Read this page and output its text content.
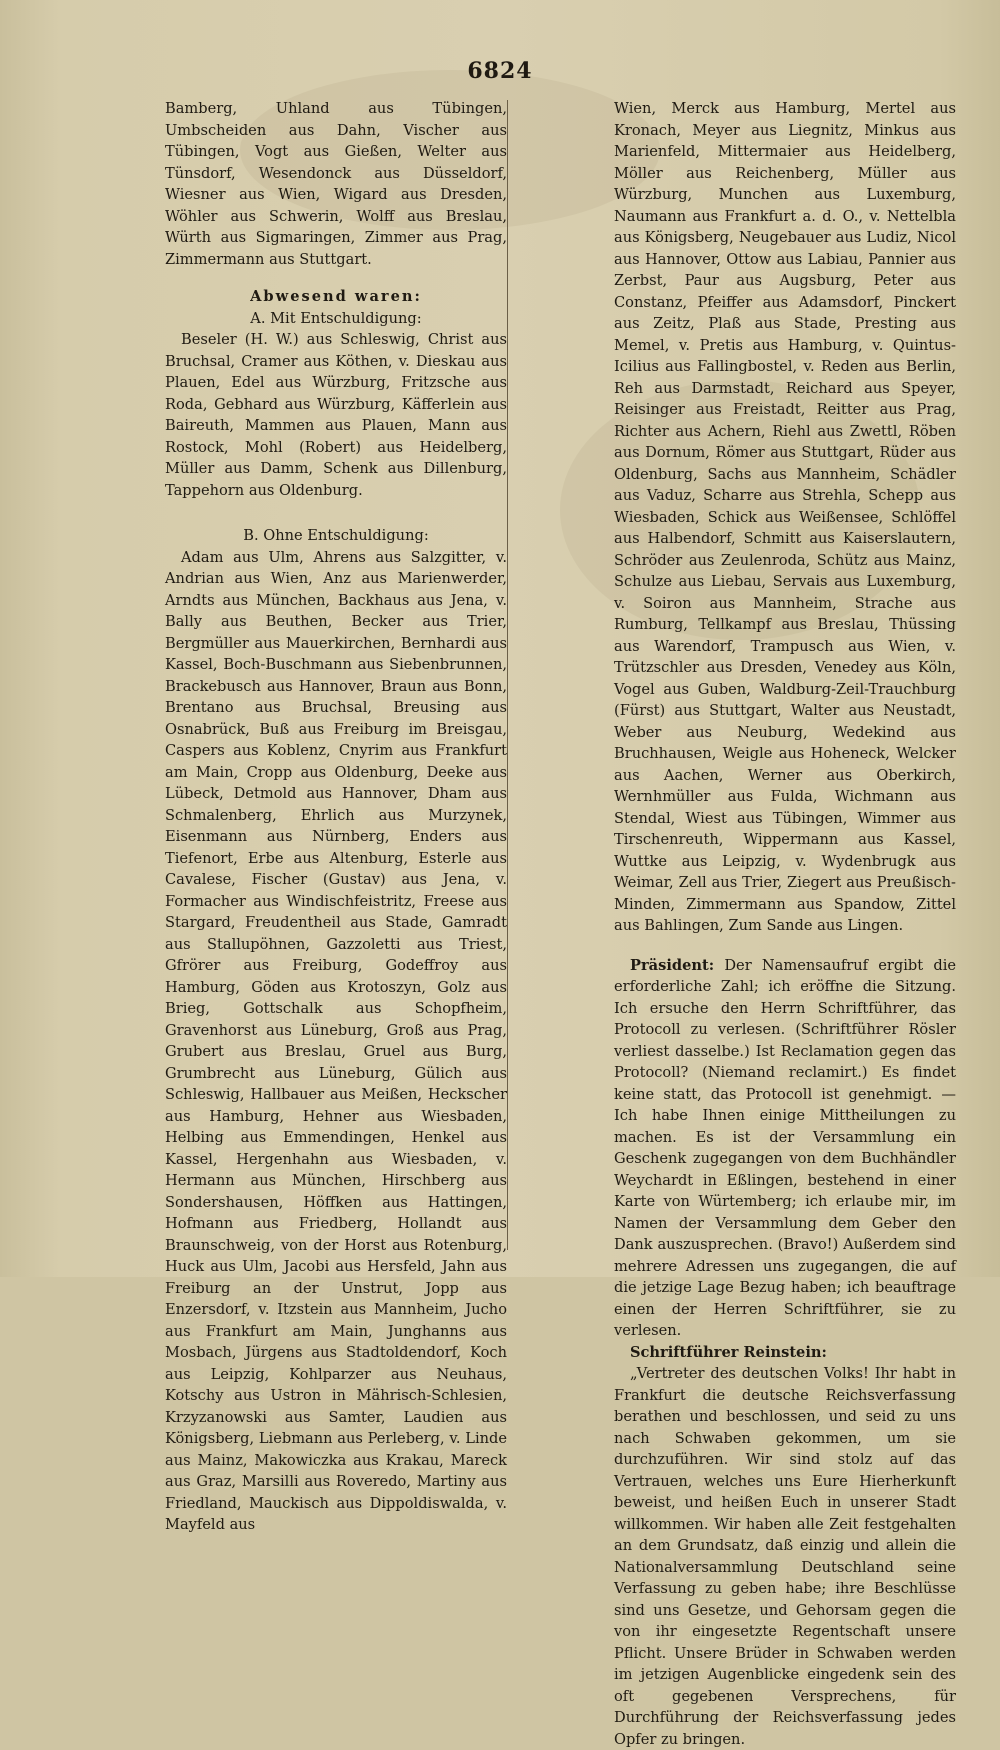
6824

Bamberg, Uhland aus Tübingen, Umbscheiden aus Dahn, Vischer aus Tübingen, Vogt aus Gießen, Welter aus Tünsdorf, Wesendonck aus Düsseldorf, Wiesner aus Wien, Wigard aus Dresden, Wöhler aus Schwerin, Wolff aus Breslau, Würth aus Sigmaringen, Zimmer aus Prag, Zimmermann aus Stuttgart.

Abwesend waren:

A. Mit Entschuldigung:

Beseler (H. W.) aus Schleswig, Christ aus Bruchsal, Cramer aus Köthen, v. Dieskau aus Plauen, Edel aus Würzburg, Fritzsche aus Roda, Gebhard aus Würzburg, Käfferlein aus Baireuth, Mammen aus Plauen, Mann aus Rostock, Mohl (Robert) aus Heidelberg, Müller aus Damm, Schenk aus Dillenburg, Tappehorn aus Oldenburg.

B. Ohne Entschuldigung:

Adam aus Ulm, Ahrens aus Salzgitter, v. Andrian aus Wien, Anz aus Marienwerder, Arndts aus München, Backhaus aus Jena, v. Bally aus Beuthen, Becker aus Trier, Bergmüller aus Mauerkirchen, Bernhardi aus Kassel, Boch-Buschmann aus Siebenbrunnen, Brackebusch aus Hannover, Braun aus Bonn, Brentano aus Bruchsal, Breusing aus Osnabrück, Buß aus Freiburg im Breisgau, Caspers aus Koblenz, Cnyrim aus Frankfurt am Main, Cropp aus Oldenburg, Deeke aus Lübeck, Detmold aus Hannover, Dham aus Schmalenberg, Ehrlich aus Murzynek, Eisenmann aus Nürnberg, Enders aus Tiefenort, Erbe aus Altenburg, Esterle aus Cavalese, Fischer (Gustav) aus Jena, v. Formacher aus Windischfeistritz, Freese aus Stargard, Freudentheil aus Stade, Gamradt aus Stallupöhnen, Gazzoletti aus Triest, Gfrörer aus Freiburg, Godeffroy aus Hamburg, Göden aus Krotoszyn, Golz aus Brieg, Gottschalk aus Schopfheim, Gravenhorst aus Lüneburg, Groß aus Prag, Grubert aus Breslau, Gruel aus Burg, Grumbrecht aus Lüneburg, Gülich aus Schleswig, Hallbauer aus Meißen, Heckscher aus Hamburg, Hehner aus Wiesbaden, Helbing aus Emmendingen, Henkel aus Kassel, Hergenhahn aus Wiesbaden, v. Hermann aus München, Hirschberg aus Sondershausen, Höffken aus Hattingen, Hofmann aus Friedberg, Hollandt aus Braunschweig, von der Horst aus Rotenburg, Huck aus Ulm, Jacobi aus Hersfeld, Jahn aus Freiburg an der Unstrut, Jopp aus Enzersdorf, v. Itzstein aus Mannheim, Jucho aus Frankfurt am Main, Junghanns aus Mosbach, Jürgens aus Stadtoldendorf, Koch aus Leipzig, Kohlparzer aus Neuhaus, Kotschy aus Ustron in Mährisch-Schlesien, Krzyzanowski aus Samter, Laudien aus Königsberg, Liebmann aus Perleberg, v. Linde aus Mainz, Makowiczka aus Krakau, Mareck aus Graz, Marsilli aus Roveredo, Martiny aus Friedland, Mauckisch aus Dippoldiswalda, v. Mayfeld aus

Wien, Merck aus Hamburg, Mertel aus Kronach, Meyer aus Liegnitz, Minkus aus Marienfeld, Mittermaier aus Heidelberg, Möller aus Reichenberg, Müller aus Würzburg, Munchen aus Luxemburg, Naumann aus Frankfurt a. d. O., v. Nettelbla aus Königsberg, Neugebauer aus Ludiz, Nicol aus Hannover, Ottow aus Labiau, Pannier aus Zerbst, Paur aus Augsburg, Peter aus Constanz, Pfeiffer aus Adamsdorf, Pinckert aus Zeitz, Plaß aus Stade, Presting aus Memel, v. Pretis aus Hamburg, v. Quintus-Icilius aus Fallingbostel, v. Reden aus Berlin, Reh aus Darmstadt, Reichard aus Speyer, Reisinger aus Freistadt, Reitter aus Prag, Richter aus Achern, Riehl aus Zwettl, Röben aus Dornum, Römer aus Stuttgart, Rüder aus Oldenburg, Sachs aus Mannheim, Schädler aus Vaduz, Scharre aus Strehla, Schepp aus Wiesbaden, Schick aus Weißensee, Schlöffel aus Halbendorf, Schmitt aus Kaiserslautern, Schröder aus Zeulenroda, Schütz aus Mainz, Schulze aus Liebau, Servais aus Luxemburg, v. Soiron aus Mannheim, Strache aus Rumburg, Tellkampf aus Breslau, Thüssing aus Warendorf, Trampusch aus Wien, v. Trützschler aus Dresden, Venedey aus Köln, Vogel aus Guben, Waldburg-Zeil-Trauchburg (Fürst) aus Stuttgart, Walter aus Neustadt, Weber aus Neuburg, Wedekind aus Bruchhausen, Weigle aus Hoheneck, Welcker aus Aachen, Werner aus Oberkirch, Wernhmüller aus Fulda, Wichmann aus Stendal, Wiest aus Tübingen, Wimmer aus Tirschenreuth, Wippermann aus Kassel, Wuttke aus Leipzig, v. Wydenbrugk aus Weimar, Zell aus Trier, Ziegert aus Preußisch-Minden, Zimmermann aus Spandow, Zittel aus Bahlingen, Zum Sande aus Lingen.

Präsident: Der Namensaufruf ergibt die erforderliche Zahl; ich eröffne die Sitzung. Ich ersuche den Herrn Schriftführer, das Protocoll zu verlesen. (Schriftführer Rösler verliest dasselbe.) Ist Reclamation gegen das Protocoll? (Niemand reclamirt.) Es findet keine statt, das Protocoll ist genehmigt. — Ich habe Ihnen einige Mittheilungen zu machen. Es ist der Versammlung ein Geschenk zugegangen von dem Buchhändler Weychardt in Eßlingen, bestehend in einer Karte von Würtemberg; ich erlaube mir, im Namen der Versammlung dem Geber den Dank auszusprechen. (Bravo!) Außerdem sind mehrere Adressen uns zugegangen, die auf die jetzige Lage Bezug haben; ich beauftrage einen der Herren Schriftführer, sie zu verlesen.

Schriftführer Reinstein:

„Vertreter des deutschen Volks! Ihr habt in Frankfurt die deutsche Reichsverfassung berathen und beschlossen, und seid zu uns nach Schwaben gekommen, um sie durchzuführen. Wir sind stolz auf das Vertrauen, welches uns Eure Hierherkunft beweist, und heißen Euch in unserer Stadt willkommen. Wir haben alle Zeit festgehalten an dem Grundsatz, daß einzig und allein die Nationalversammlung Deutschland seine Verfassung zu geben habe; ihre Beschlüsse sind uns Gesetze, und Gehorsam gegen die von ihr eingesetzte Regentschaft unsere Pflicht. Unsere Brüder in Schwaben werden im jetzigen Augenblicke eingedenk sein des oft gegebenen Versprechens, für Durchführung der Reichsverfassung jedes Opfer zu bringen.
